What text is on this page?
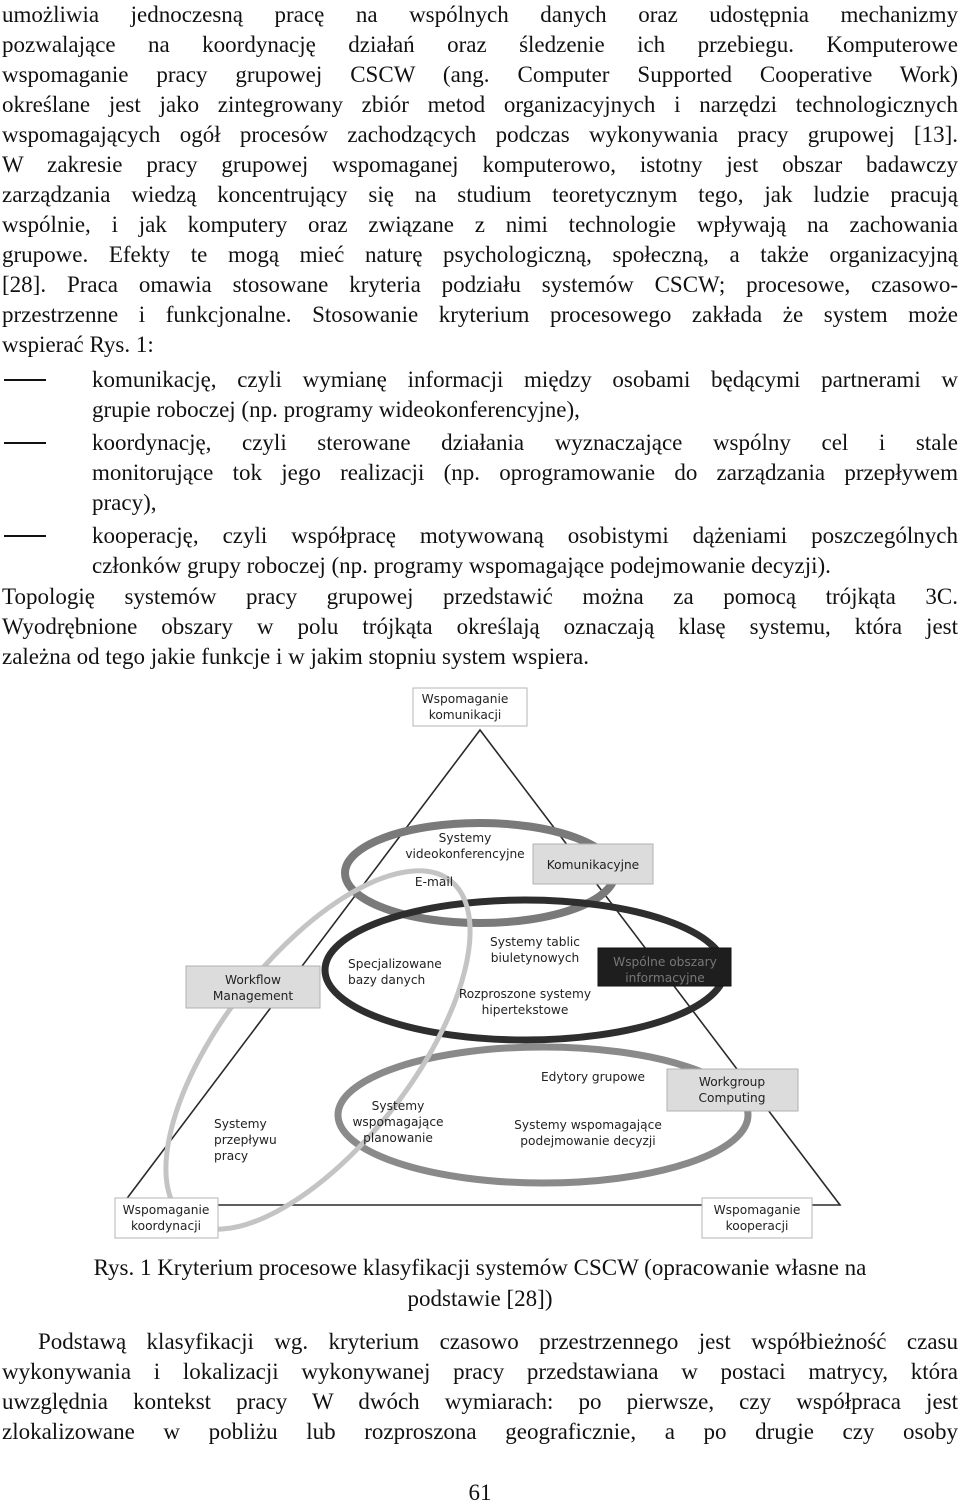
umożliwia jednoczesną pracę na wspólnych danych oraz udostępnia mechanizmy
pozwalające na koordynację działań oraz śledzenie ich przebiegu. Komputerowe
wspomaganie pracy grupowej CSCW (ang. Computer Supported Cooperative Work)
określane jest jako zintegrowany zbiór metod organizacyjnych i narzędzi technologicznych
wspomagających ogół procesów zachodzących podczas wykonywania pracy grupowej [13].
W zakresie pracy grupowej wspomaganej komputerowo, istotny jest obszar badawczy
zarządzania wiedzą koncentrujący się na studium teoretycznym tego, jak ludzie pracują
wspólnie, i jak komputery oraz związane z nimi technologie wpływają na zachowania
grupowe. Efekty te mogą mieć naturę psychologiczną, społeczną, a także organizacyjną
[28]. Praca omawia stosowane kryteria podziału systemów CSCW; procesowe, czasowo-
przestrzenne i funkcjonalne. Stosowanie kryterium procesowego zakłada że system może
wspierać Rys. 1:
komunikację, czyli wymianę informacji między osobami będącymi partnerami w
grupie roboczej (np. programy wideokonferencyjne),
koordynację, czyli sterowane działania wyznaczające wspólny cel i stale
monitorujące tok jego realizacji (np. oprogramowanie do zarządzania przepływem
pracy),
kooperację, czyli współpracę motywowaną osobistymi dążeniami poszczególnych
członków grupy roboczej (np. programy wspomagające podejmowanie decyzji).
Topologię systemów pracy grupowej przedstawić można za pomocą trójkąta 3C.
Wyodrębnione obszary w polu trójkąta określają oznaczają klasę systemu, która jest
zależna od tego jakie funkcje i w jakim stopniu system wspiera.
Wspomaganie
komunikacji
Komunikacyjne
Systemy
videokonferencyjne
E-mail
Workflow
Management
Specjalizowane
bazy danych
Systemy tablic
biuletynowych
Rozproszone systemy
hipertekstowe
Wspólne obszary
informacyjne
Edytory grupowe	Workgroup
Computing
Systemy
wspomagające
planowanie
Systemy wspomagające
podejmowanie decyzji
Systemy
przepływu
pracy
Wspomaganie
koordynacji
Wspomaganie
kooperacji
Rys. 1 Kryterium procesowe klasyfikacji systemów CSCW (opracowanie własne na
podstawie [28])
Podstawą klasyfikacji wg. kryterium czasowo przestrzennego jest współbieżność czasu
wykonywania i lokalizacji wykonywanej pracy przedstawiana w postaci matrycy, która
uwzględnia kontekst pracy W dwóch wymiarach: po pierwsze, czy współpraca jest
zlokalizowane w pobliżu lub rozproszona geograficznie, a po drugie czy osoby
61
